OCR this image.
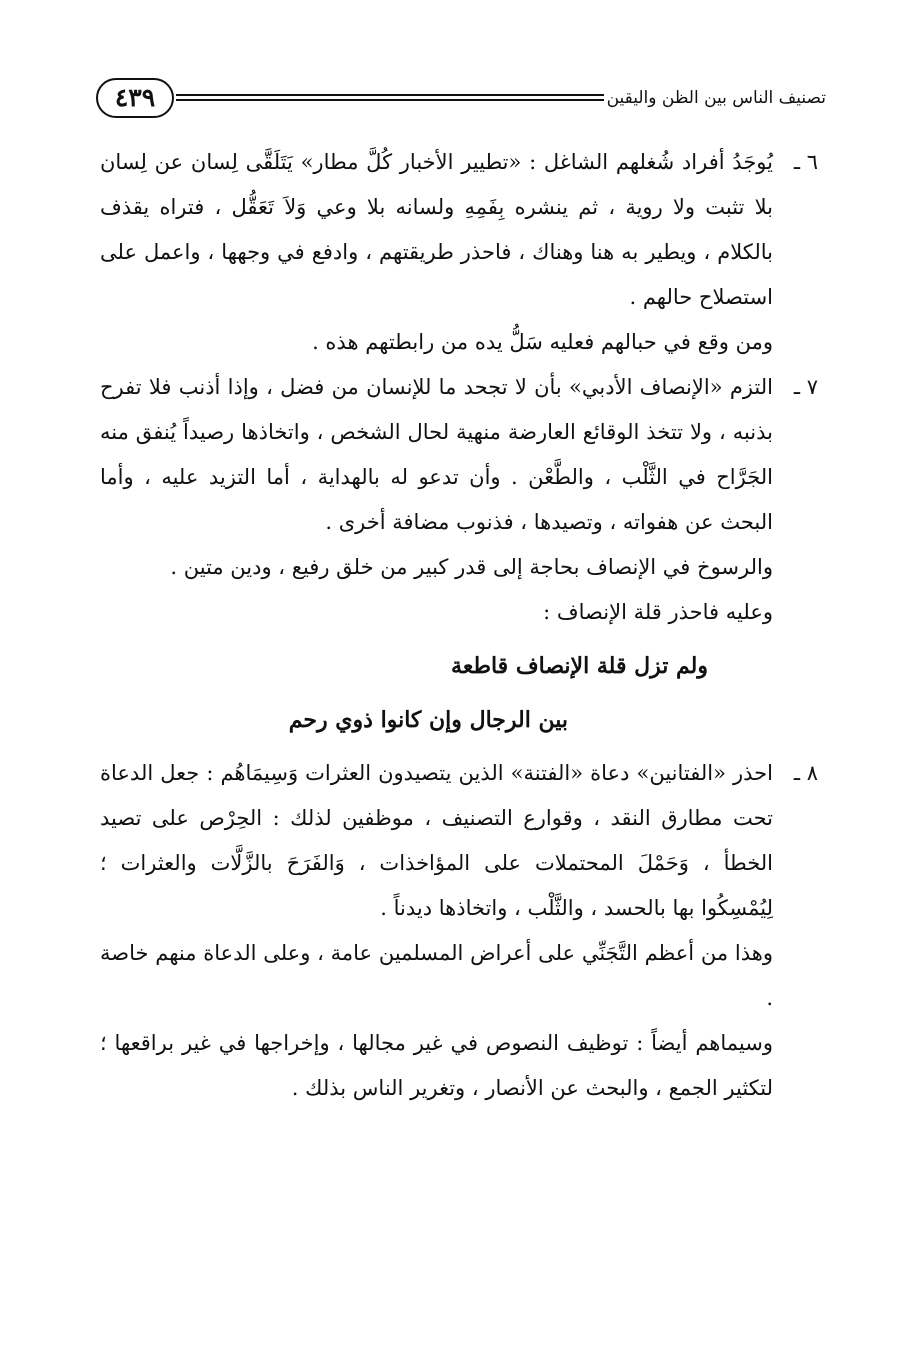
٤٣٩	تصنيف الناس بين الظن واليقين
٦ ـ
يُوجَدُ أفراد شُغلهم الشاغل : «تطيير الأخبار كُلَّ مطار» يَتَلَقَّى لِسان عن لِسان بلا تثبت ولا روية ، ثم ينشره بِفَمِهِ ولسانه بلا وعي وَلاَ تَعَقُّل ، فتراه يقذف بالكلام ، ويطير به هنا وهناك ، فاحذر طريقتهم ، وادفع في وجهها ، واعمل على استصلاح حالهم .

ومن وقع في حبالهم فعليه سَلُّ يده من رابطتهم هذه .

٧ ـ
التزم «الإنصاف الأدبي» بأن لا تجحد ما للإنسان من فضل ، وإذا أذنب فلا تفرح بذنبه ، ولا تتخذ الوقائع العارضة منهية لحال الشخص ، واتخاذها رصيداً يُنفق منه الجَرَّاح في الثَّلْب ، والطَّعْن . وأن تدعو له بالهداية ، أما التزيد عليه ، وأما البحث عن هفواته ، وتصيدها ، فذنوب مضافة أخرى .

والرسوخ في الإنصاف بحاجة إلى قدر كبير من خلق رفيع ، ودين متين .

وعليه فاحذر قلة الإنصاف :

ولم تزل قلة الإنصاف قاطعة

بين الرجال وإن كانوا ذوي رحم

٨ ـ
احذر «الفتانين» دعاة «الفتنة» الذين يتصيدون العثرات وَسِيمَاهُم : جعل الدعاة تحت مطارق النقد ، وقوارع التصنيف ، موظفين لذلك : الحِرْص على تصيد الخطأ ، وَحَمْلَ المحتملات على المؤاخذات ، وَالفَرَحَ بالزَّلَّات والعثرات ؛ لِيُمْسِكُوا بها بالحسد ، والثَّلْب ، واتخاذها ديدناً .

وهذا من أعظم التَّجَنِّي على أعراض المسلمين عامة ، وعلى الدعاة منهم خاصة .

وسيماهم أيضاً : توظيف النصوص في غير مجالها ، وإخراجها في غير براقعها ؛ لتكثير الجمع ، والبحث عن الأنصار ، وتغرير الناس بذلك .
